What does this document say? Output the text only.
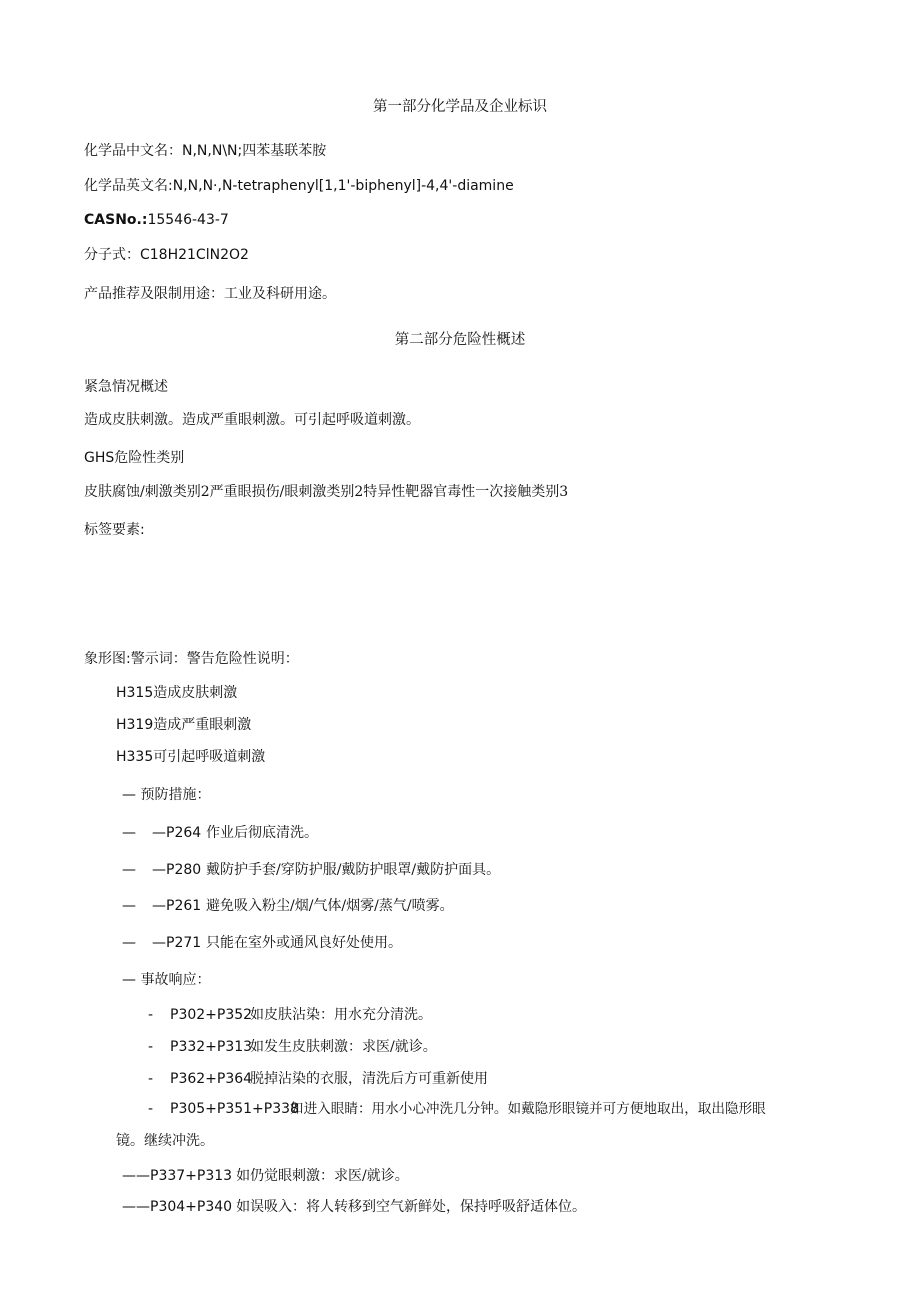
第一部分化学品及企业标识
化学品中文名：N,N,N\N;四苯基联苯胺
化学品英文名:N,N,N·,N-tetraphenyl[1,1'-biphenyl]-4,4'-diamine
CASNo.:15546-43-7
分子式：C18H21ClN2O2
产品推荐及限制用途：工业及科研用途。
第二部分危险性概述
紧急情况概述
造成皮肤刺激。造成严重眼刺激。可引起呼吸道刺激。
GHS危险性类别
皮肤腐蚀/刺激类别2严重眼损伤/眼刺激类别2特异性靶器官毒性一次接触类别3
标签要素:
象形图:警示词：警告危险性说明：
H315造成皮肤刺激
H319造成严重眼刺激
H335可引起呼吸道刺激
— 预防措施：
— —P264 作业后彻底清洗。
— —P280 戴防护手套/穿防护服/戴防护眼罩/戴防护面具。
— —P261 避免吸入粉尘/烟/气体/烟雾/蒸气/喷雾。
— —P271 只能在室外或通风良好处使用。
— 事故响应：
- P302+P352
如皮肤沾染：用水充分清洗。
- P332+P313
如发生皮肤刺激：求医/就诊。
- P362+P364
脱掉沾染的衣服，清洗后方可重新使用
- P305+P351+P338
如进入眼睛：用水小心冲洗几分钟。如戴隐形眼镜并可方便地取出，取出隐形眼
镜。继续冲洗。
——P337+P313 如仍觉眼刺激：求医/就诊。
——P304+P340 如误吸入：将人转移到空气新鲜处，保持呼吸舒适体位。
